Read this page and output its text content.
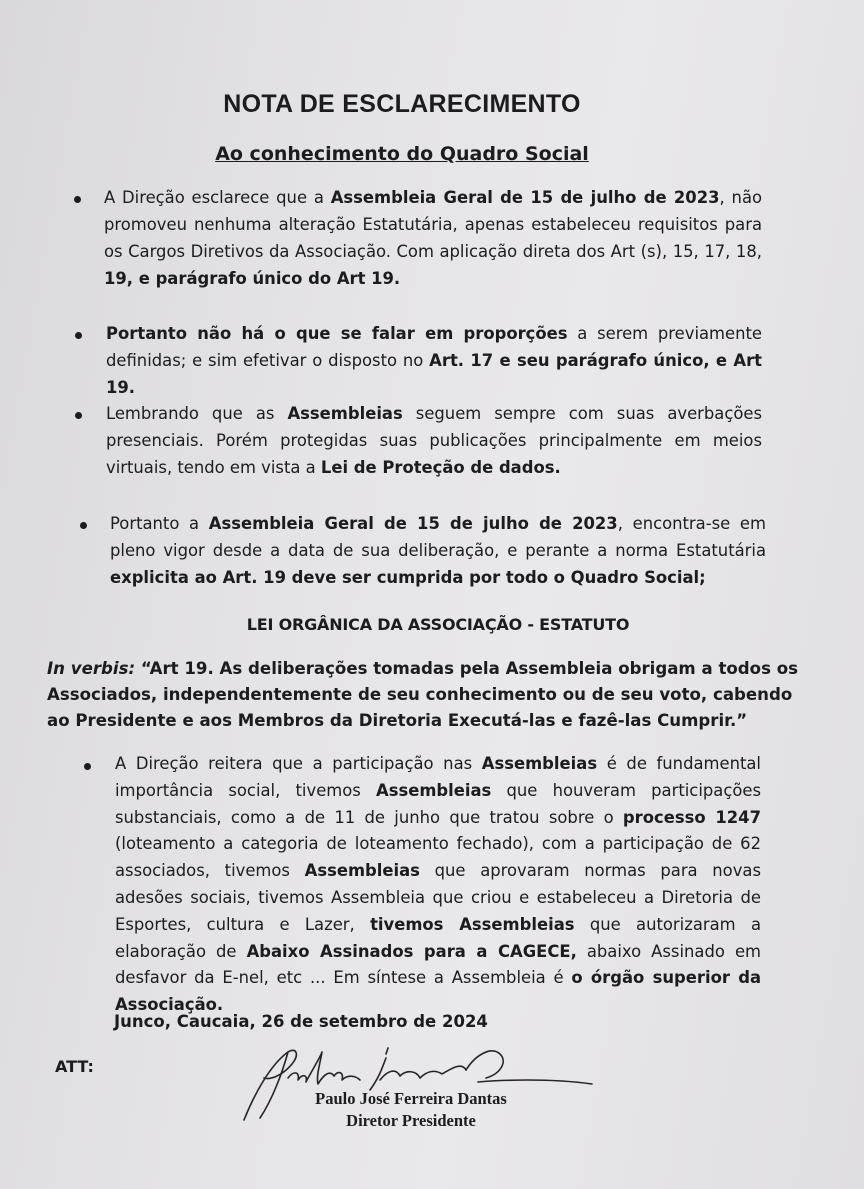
NOTA DE ESCLARECIMENTO
Ao conhecimento do Quadro Social

A Direção esclarece que a Assembleia Geral de 15 de julho de 2023, não promoveu nenhuma alteração Estatutária, apenas estabeleceu requisitos para os Cargos Diretivos da Associação. Com aplicação direta dos Art (s), 15, 17, 18, 19, e parágrafo único do Art 19.

Portanto não há o que se falar em proporções a serem previamente definidas; e sim efetivar o disposto no Art. 17 e seu parágrafo único, e Art 19.

Lembrando que as Assembleias seguem sempre com suas averbações presenciais. Porém protegidas suas publicações principalmente em meios virtuais, tendo em vista a Lei de Proteção de dados.

Portanto a Assembleia Geral de 15 de julho de 2023, encontra-se em pleno vigor desde a data de sua deliberação, e perante a norma Estatutária explicita ao Art. 19 deve ser cumprida por todo o Quadro Social;

LEI ORGÂNICA DA ASSOCIAÇÃO - ESTATUTO

In verbis: “Art 19. As deliberações tomadas pela Assembleia obrigam a todos os Associados, independentemente de seu conhecimento ou de seu voto, cabendo ao Presidente e aos Membros da Diretoria Executá-las e fazê-las Cumprir.”

A Direção reitera que a participação nas Assembleias é de fundamental importância social, tivemos Assembleias que houveram participações substanciais, como a de 11 de junho que tratou sobre o processo 1247 (loteamento a categoria de loteamento fechado), com a participação de 62 associados, tivemos Assembleias que aprovaram normas para novas adesões sociais, tivemos Assembleia que criou e estabeleceu a Diretoria de Esportes, cultura e Lazer, tivemos Assembleias que autorizaram a elaboração de Abaixo Assinados para a CAGECE, abaixo Assinado em desfavor da E-nel, etc ... Em síntese a Assembleia é o órgão superior da Associação.

Junco, Caucaia, 26 de setembro de 2024
ATT:
Paulo José Ferreira Dantas
Diretor Presidente
